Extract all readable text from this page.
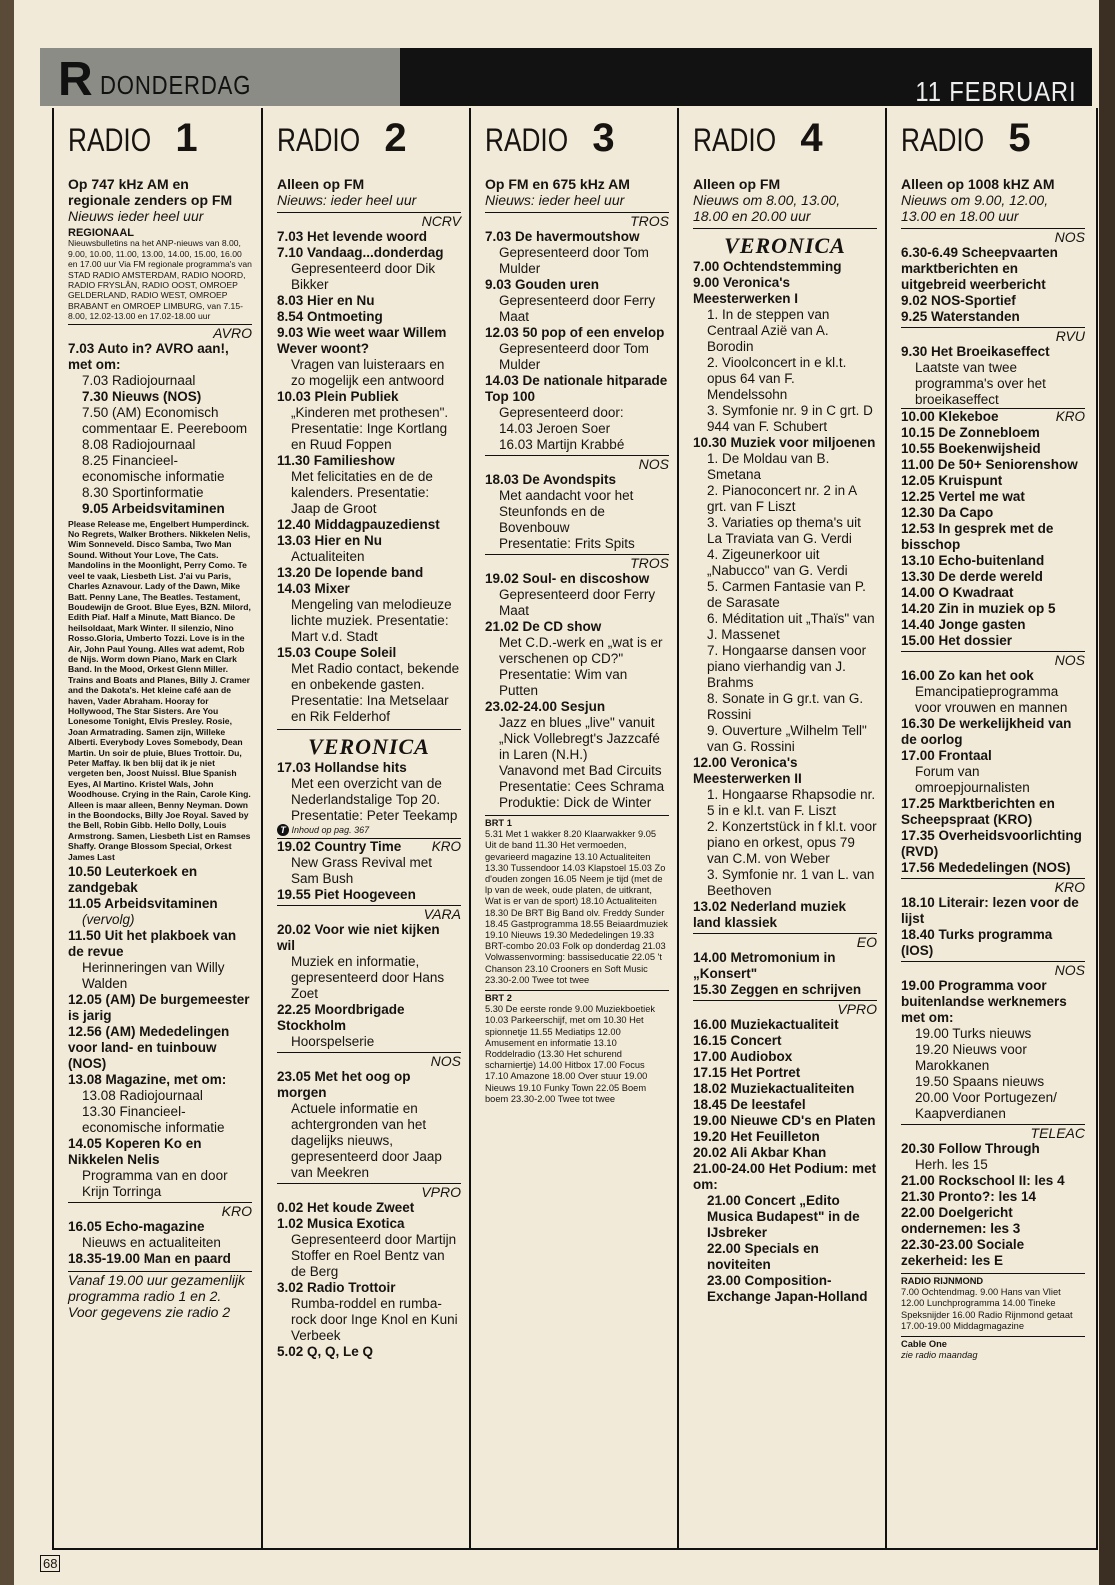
R DONDERDAG	11 FEBRUARI
RADIO 1
Op 747 kHz AM en regionale zenders op FM
Nieuws ieder heel uur
REGIONAAL
Nieuwsbulletins na het ANP-nieuws van 8.00, 9.00, 10.00, 11.00, 13.00, 14.00, 15.00, 16.00 en 17.00 uur Via FM regionale programma's van STAD RADIO AMSTERDAM, RADIO NOORD, RADIO FRYSLÂN, RADIO OOST, OMROEP GELDERLAND, RADIO WEST, OMROEP BRABANT en OMROEP LIMBURG, van 7.15-8.00, 12.02-13.00 en 17.02-18.00 uur
AVRO
7.03 Auto in? AVRO aan!, met om:
7.03 Radiojournaal
7.30 Nieuws (NOS)
7.50 (AM) Economisch commentaar E. Peereboom
8.08 Radiojournaal
8.25 Financieel-economische informatie
8.30 Sportinformatie
9.05 Arbeidsvitaminen
Please Release me, Engelbert Humperdinck. No Regrets, Walker Brothers. Nikkelen Nelis, Wim Sonneveld. Disco Samba, Two Man Sound. Without Your Love, The Cats. Mandolins in the Moonlight, Perry Como. Te veel te vaak, Liesbeth List. J'ai vu Paris, Charles Aznavour. Lady of the Dawn, Mike Batt. Penny Lane, The Beatles. Testament, Boudewijn de Groot. Blue Eyes, BZN. Milord, Edith Piaf. Half a Minute, Matt Bianco. De heilsoldaat, Mark Winter. Il silenzio, Nino Rosso.Gloria, Umberto Tozzi. Love is in the Air, John Paul Young. Alles wat ademt, Rob de Nijs. Worm down Piano, Mark en Clark Band. In the Mood, Orkest Glenn Miller. Trains and Boats and Planes, Billy J. Cramer and the Dakota's. Het kleine café aan de haven, Vader Abraham. Hooray for Hollywood, The Star Sisters. Are You Lonesome Tonight, Elvis Presley. Rosie, Joan Armatrading. Samen zijn, Willeke Alberti. Everybody Loves Somebody, Dean Martin. Un soir de pluie, Blues Trottoir. Du, Peter Maffay. Ik ben blij dat ik je niet vergeten ben, Joost Nuissl. Blue Spanish Eyes, Al Martino. Kristel Wals, John Woodhouse. Crying in the Rain, Carole King. Alleen is maar alleen, Benny Neyman. Down in the Boondocks, Billy Joe Royal. Saved by the Bell, Robin Gibb. Hello Dolly, Louis Armstrong. Samen, Liesbeth List en Ramses Shaffy. Orange Blossom Special, Orkest James Last
10.50 Leuterkoek en zandgebak
11.05 Arbeidsvitaminen
(vervolg)
11.50 Uit het plakboek van de revue
Herinneringen van Willy Walden
12.05 (AM) De burgemeester is jarig
12.56 (AM) Mededelingen voor land- en tuinbouw (NOS)
13.08 Magazine, met om:
13.08 Radiojournaal
13.30 Financieel-economische informatie
14.05 Koperen Ko en Nikkelen Nelis
Programma van en door Krijn Torringa
KRO
16.05 Echo-magazine
Nieuws en actualiteiten
18.35-19.00 Man en paard
Vanaf 19.00 uur gezamenlijk programma radio 1 en 2. Voor gegevens zie radio 2
RADIO 2
Alleen op FM
Nieuws: ieder heel uur
NCRV
7.03 Het levende woord
7.10 Vandaag...donderdag
Gepresenteerd door Dik Bikker
8.03 Hier en Nu
8.54 Ontmoeting
9.03 Wie weet waar Willem Wever woont?
Vragen van luisteraars en zo mogelijk een antwoord
10.03 Plein Publiek
„Kinderen met prothesen". Presentatie: Inge Kortlang en Ruud Foppen
11.30 Familieshow
Met felicitaties en de de kalenders. Presentatie: Jaap de Groot
12.40 Middagpauzedienst
13.03 Hier en Nu
Actualiteiten
13.20 De lopende band
14.03 Mixer
Mengeling van melodieuze lichte muziek. Presentatie: Mart v.d. Stadt
15.03 Coupe Soleil
Met Radio contact, bekende en onbekende gasten. Presentatie: Ina Metselaar en Rik Felderhof
VERONICA
17.03 Hollandse hits
Met een overzicht van de Nederlandstalige Top 20. Presentatie: Peter Teekamp
T Inhoud op pag. 367
19.02 Country Time KRO
New Grass Revival met Sam Bush
19.55 Piet Hoogeveen
VARA
20.02 Voor wie niet kijken wil
Muziek en informatie, gepresenteerd door Hans Zoet
22.25 Moordbrigade Stockholm
Hoorspelserie
NOS
23.05 Met het oog op morgen
Actuele informatie en achtergronden van het dagelijks nieuws, gepresenteerd door Jaap van Meekren
VPRO
0.02 Het koude Zweet
1.02 Musica Exotica
Gepresenteerd door Martijn Stoffer en Roel Bentz van de Berg
3.02 Radio Trottoir
Rumba-roddel en rumba-rock door Inge Knol en Kuni Verbeek
5.02 Q, Q, Le Q
RADIO 3
Op FM en 675 kHz AM
Nieuws: ieder heel uur
TROS
7.03 De havermoutshow
Gepresenteerd door Tom Mulder
9.03 Gouden uren
Gepresenteerd door Ferry Maat
12.03 50 pop of een envelop
Gepresenteerd door Tom Mulder
14.03 De nationale hitparade Top 100
Gepresenteerd door:
14.03 Jeroen Soer
16.03 Martijn Krabbé
NOS
18.03 De Avondspits
Met aandacht voor het Steunfonds en de Bovenbouw
Presentatie: Frits Spits
TROS
19.02 Soul- en discoshow
Gepresenteerd door Ferry Maat
21.02 De CD show
Met C.D.-werk en „wat is er verschenen op CD?"
Presentatie: Wim van Putten
23.02-24.00 Sesjun
Jazz en blues „live" vanuit „Nick Vollebregt's Jazzcafé in Laren (N.H.)
Vanavond met Bad Circuits
Presentatie: Cees Schrama
Produktie: Dick de Winter
BRT 1
5.31 Met 1 wakker 8.20 Klaarwakker 9.05 Uit de band 11.30 Het vermoeden, gevarieerd magazine 13.10 Actualiteiten 13.30 Tussendoor 14.03 Klapstoel 15.03 Zo d'ouden zongen 16.05 Neem je tijd (met de lp van de week, oude platen, de uitkrant, Wat is er van de sport) 18.10 Actualiteiten 18.30 De BRT Big Band olv. Freddy Sunder 18.45 Gastprogramma 18.55 Beiaardmuziek 19.10 Nieuws 19.30 Mededelingen 19.33 BRT-combo 20.03 Folk op donderdag 21.03 Volwassenvorming: bassiseducatie 22.05 't Chanson 23.10 Crooners en Soft Music 23.30-2.00 Twee tot twee
BRT 2
5.30 De eerste ronde 9.00 Muziekboetiek 10.03 Parkeerschijf, met om 10.30 Het spionnetje 11.55 Mediatips 12.00 Amusement en informatie 13.10 Roddelradio (13.30 Het schurend scharniertje) 14.00 Hitbox 17.00 Focus 17.10 Amazone 18.00 Over stuur 19.00 Nieuws 19.10 Funky Town 22.05 Boem boem 23.30-2.00 Twee tot twee
RADIO 4
Alleen op FM
Nieuws om 8.00, 13.00, 18.00 en 20.00 uur
VERONICA
7.00 Ochtendstemming
9.00 Veronica's Meesterwerken I
1. In de steppen van Centraal Azië van A. Borodin
2. Vioolconcert in e kl.t. opus 64 van F. Mendelssohn
3. Symfonie nr. 9 in C grt. D 944 van F. Schubert
10.30 Muziek voor miljoenen
1. De Moldau van B. Smetana
2. Pianoconcert nr. 2 in A grt. van F Liszt
3. Variaties op thema's uit La Traviata van G. Verdi
4. Zigeunerkoor uit „Nabucco" van G. Verdi
5. Carmen Fantasie van P. de Sarasate
6. Méditation uit „Thaïs" van J. Massenet
7. Hongaarse dansen voor piano vierhandig van J. Brahms
8. Sonate in G gr.t. van G. Rossini
9. Ouverture „Wilhelm Tell" van G. Rossini
12.00 Veronica's Meesterwerken II
1. Hongaarse Rhapsodie nr. 5 in e kl.t. van F. Liszt
2. Konzertstück in f kl.t. voor piano en orkest, opus 79 van C.M. von Weber
3. Symfonie nr. 1 van L. van Beethoven
13.02 Nederland muziek land klassiek
EO
14.00 Metromonium in „Konsert"
15.30 Zeggen en schrijven
VPRO
16.00 Muziekactualiteit
16.15 Concert
17.00 Audiobox
17.15 Het Portret
18.02 Muziekactualiteiten
18.45 De leestafel
19.00 Nieuwe CD's en Platen
19.20 Het Feuilleton
20.02 Ali Akbar Khan
21.00-24.00 Het Podium: met om:
21.00 Concert „Edito Musica Budapest" in de IJsbreker
22.00 Specials en noviteiten
23.00 Composition-Exchange Japan-Holland
RADIO 5
Alleen op 1008 kHZ AM
Nieuws om 9.00, 12.00, 13.00 en 18.00 uur
NOS
6.30-6.49 Scheepvaarten marktberichten en uitgebreid weerbericht
9.02 NOS-Sportief
9.25 Waterstanden
RVU
9.30 Het Broeikaseffect
Laatste van twee programma's over het broeikaseffect
10.00 Klekeboe	KRO
10.15 De Zonnebloem
10.55 Boekenwijsheid
11.00 De 50+ Seniorenshow
12.05 Kruispunt
12.25 Vertel me wat
12.30 Da Capo
12.53 In gesprek met de bisschop
13.10 Echo-buitenland
13.30 De derde wereld
14.00 O Kwadraat
14.20 Zin in muziek op 5
14.40 Jonge gasten
15.00 Het dossier
NOS
16.00 Zo kan het ook
Emancipatieprogramma voor vrouwen en mannen
16.30 De werkelijkheid van de oorlog
17.00 Frontaal
Forum van omroepjournalisten
17.25 Marktberichten en Scheepspraat (KRO)
17.35 Overheidsvoorlichting (RVD)
17.56 Mededelingen (NOS)
KRO
18.10 Literair: lezen voor de lijst
18.40 Turks programma (IOS)
NOS
19.00 Programma voor buitenlandse werknemers met om:
19.00 Turks nieuws
19.20 Nieuws voor Marokkanen
19.50 Spaans nieuws
20.00 Voor Portugezen/ Kaapverdianen
TELEAC
20.30 Follow Through
Herh. les 15
21.00 Rockschool II: les 4
21.30 Pronto?: les 14
22.00 Doelgericht ondernemen: les 3
22.30-23.00 Sociale zekerheid: les E
RADIO RIJNMOND
7.00 Ochtendmag. 9.00 Hans van Vliet 12.00 Lunchprogramma 14.00 Tineke Speksnijder 16.00 Radio Rijnmond getaat 17.00-19.00 Middagmagazine
Cable One
zie radio maandag
68
